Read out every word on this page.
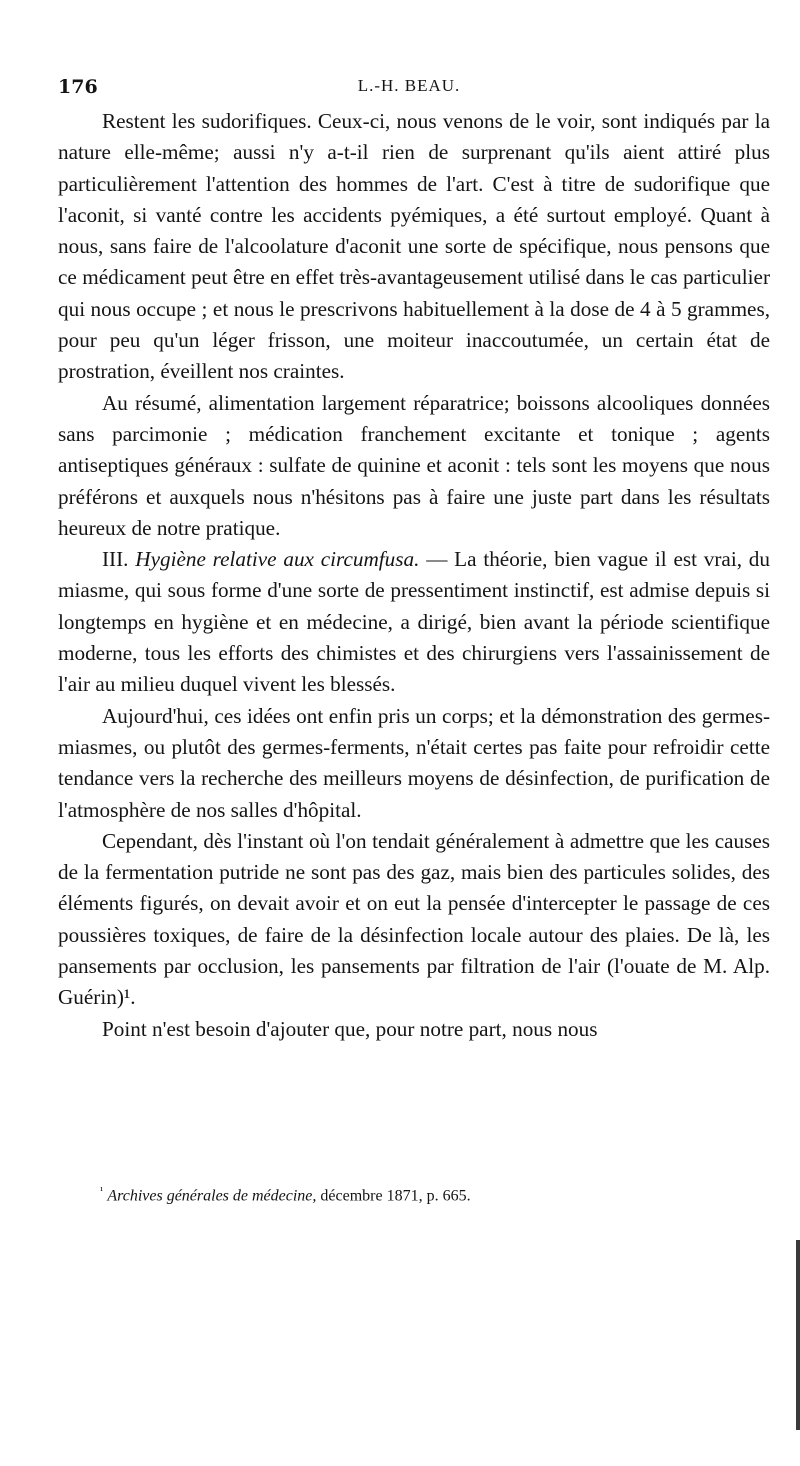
176	L.-H. BEAU.

Restent les sudorifiques. Ceux-ci, nous venons de le voir, sont indiqués par la nature elle-même; aussi n'y a-t-il rien de surprenant qu'ils aient attiré plus particulièrement l'attention des hommes de l'art. C'est à titre de sudorifique que l'aconit, si vanté contre les accidents pyémiques, a été surtout employé. Quant à nous, sans faire de l'alcoolature d'aconit une sorte de spécifique, nous pensons que ce médicament peut être en effet très-avantageusement utilisé dans le cas particulier qui nous occupe ; et nous le prescrivons habituellement à la dose de 4 à 5 grammes, pour peu qu'un léger frisson, une moiteur inaccoutumée, un certain état de prostration, éveillent nos craintes.

Au résumé, alimentation largement réparatrice; boissons alcooliques données sans parcimonie ; médication franchement excitante et tonique ; agents antiseptiques généraux : sulfate de quinine et aconit : tels sont les moyens que nous préférons et auxquels nous n'hésitons pas à faire une juste part dans les résultats heureux de notre pratique.

III. Hygiène relative aux circumfusa. — La théorie, bien vague il est vrai, du miasme, qui sous forme d'une sorte de pressentiment instinctif, est admise depuis si longtemps en hygiène et en médecine, a dirigé, bien avant la période scientifique moderne, tous les efforts des chimistes et des chirurgiens vers l'assainissement de l'air au milieu duquel vivent les blessés.

Aujourd'hui, ces idées ont enfin pris un corps; et la démonstration des germes-miasmes, ou plutôt des germes-ferments, n'était certes pas faite pour refroidir cette tendance vers la recherche des meilleurs moyens de désinfection, de purification de l'atmosphère de nos salles d'hôpital.

Cependant, dès l'instant où l'on tendait généralement à admettre que les causes de la fermentation putride ne sont pas des gaz, mais bien des particules solides, des éléments figurés, on devait avoir et on eut la pensée d'intercepter le passage de ces poussières toxiques, de faire de la désinfection locale autour des plaies. De là, les pansements par occlusion, les pansements par filtration de l'air (l'ouate de M. Alp. Guérin)¹.

Point n'est besoin d'ajouter que, pour notre part, nous nous

$^{^1}$ Archives générales de médecine, décembre 1871, p. 665.
